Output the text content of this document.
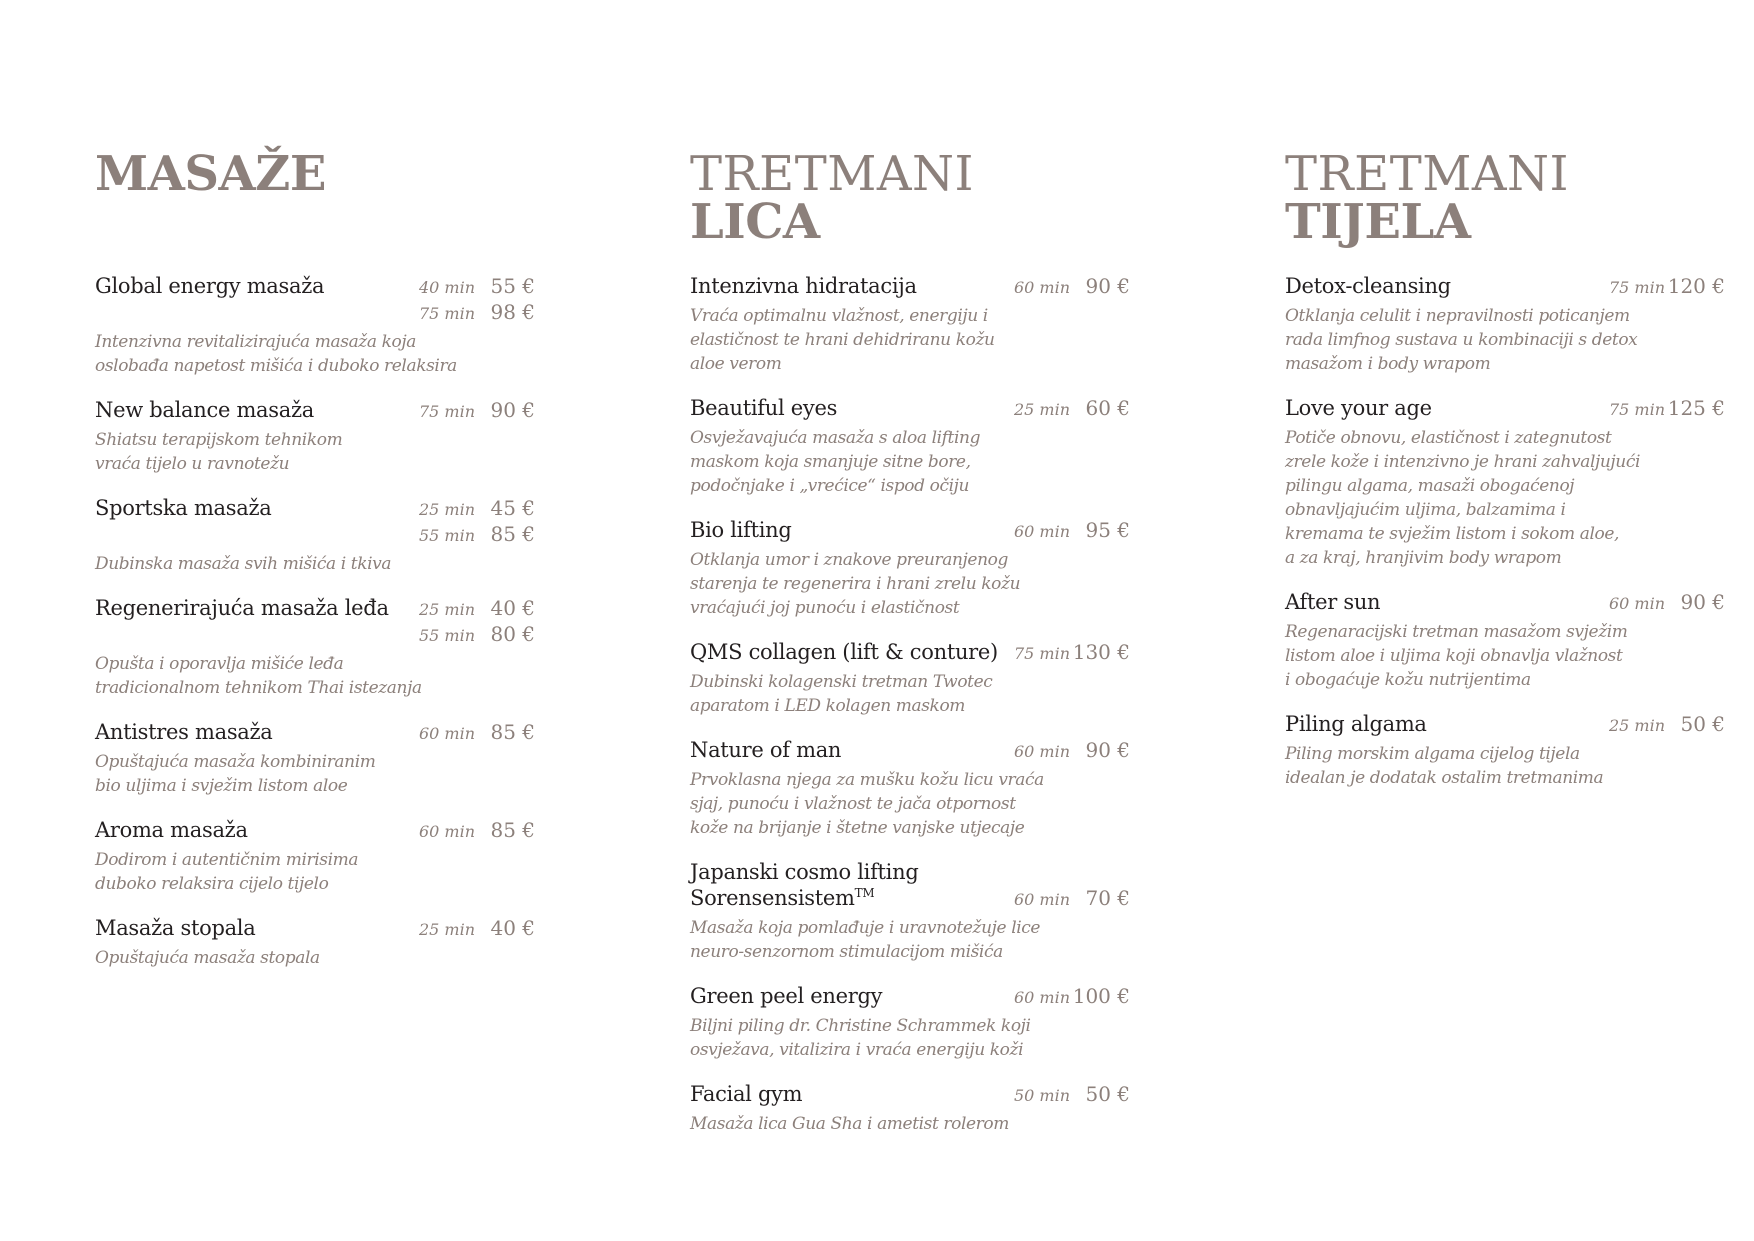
MASAŽE
Global energy masaža	40 min 55 €
75 min 98 €
Intenzivna revitalizirajuća masaža koja
oslobađa napetost mišića i duboko relaksira
New balance masaža	75 min 90 €
Shiatsu terapijskom tehnikom
vraća tijelo u ravnotežu
Sportska masaža	25 min 45 €
55 min 85 €
Dubinska masaža svih mišića i tkiva
Regenerirajuća masaža leđa	25 min 40 €
55 min 80 €
Opušta i oporavlja mišiće leđa
tradicionalnom tehnikom Thai istezanja
Antistres masaža	60 min 85 €
Opuštajuća masaža kombiniranim
bio uljima i svježim listom aloe
Aroma masaža	60 min 85 €
Dodirom i autentičnim mirisima
duboko relaksira cijelo tijelo
Masaža stopala	25 min 40 €
Opuštajuća masaža stopala
TRETMANI
LICA
Intenzivna hidratacija	60 min 90 €
Vraća optimalnu vlažnost, energiju i
elastičnost te hrani dehidriranu kožu
aloe verom
Beautiful eyes	25 min 60 €
Osvježavajuća masaža s aloa lifting
maskom koja smanjuje sitne bore,
podočnjake i „vrećice“ ispod očiju
Bio lifting	60 min 95 €
Otklanja umor i znakove preuranjenog
starenja te regenerira i hrani zrelu kožu
vraćajući joj punoću i elastičnost
QMS collagen (lift & conture)	75 min 130 €
Dubinski kolagenski tretman Twotec
aparatom i LED kolagen maskom
Nature of man	60 min 90 €
Prvoklasna njega za mušku kožu licu vraća
sjaj, punoću i vlažnost te jača otpornost
kože na brijanje i štetne vanjske utjecaje
Japanski cosmo lifting
Sorensensistem™	60 min 70 €
Masaža koja pomlađuje i uravnotežuje lice
neuro-senzornom stimulacijom mišića
Green peel energy	60 min 100 €
Biljni piling dr. Christine Schrammek koji
osvježava, vitalizira i vraća energiju koži
Facial gym	50 min 50 €
Masaža lica Gua Sha i ametist rolerom
TRETMANI
TIJELA
Detox-cleansing	75 min 120 €
Otklanja celulit i nepravilnosti poticanjem
rada limfnog sustava u kombinaciji s detox
masažom i body wrapom
Love your age	75 min 125 €
Potiče obnovu, elastičnost i zategnutost
zrele kože i intenzivno je hrani zahvaljujući
pilingu algama, masaži obogaćenoj
obnavljajućim uljima, balzamima i
kremama te svježim listom i sokom aloe,
a za kraj, hranjivim body wrapom
After sun	60 min 90 €
Regenaracijski tretman masažom svježim
listom aloe i uljima koji obnavlja vlažnost
i obogaćuje kožu nutrijentima
Piling algama	25 min 50 €
Piling morskim algama cijelog tijela
idealan je dodatak ostalim tretmanima
